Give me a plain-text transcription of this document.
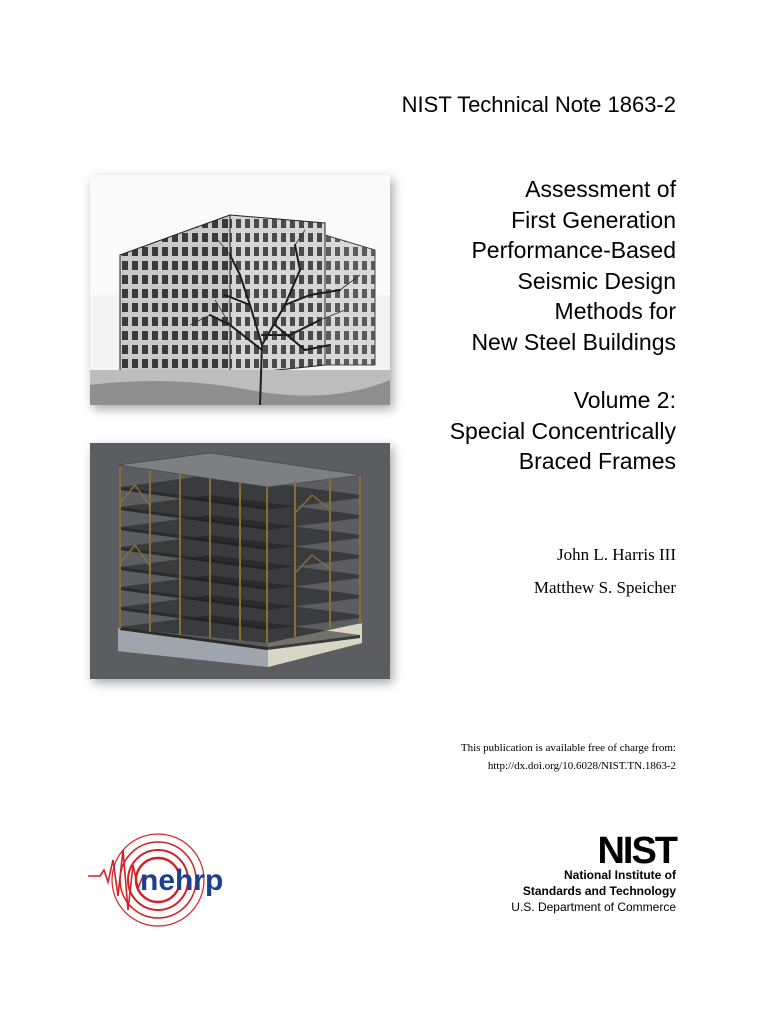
NIST Technical Note 1863-2
Assessment of
First Generation
Performance-Based
Seismic Design
Methods for
New Steel Buildings
Volume 2:
Special Concentrically
Braced Frames
John L. Harris III
Matthew S. Speicher
This publication is available free of charge from:
http://dx.doi.org/10.6028/NIST.TN.1863-2
nehrp
NIST
National Institute of
Standards and Technology
U.S. Department of Commerce
